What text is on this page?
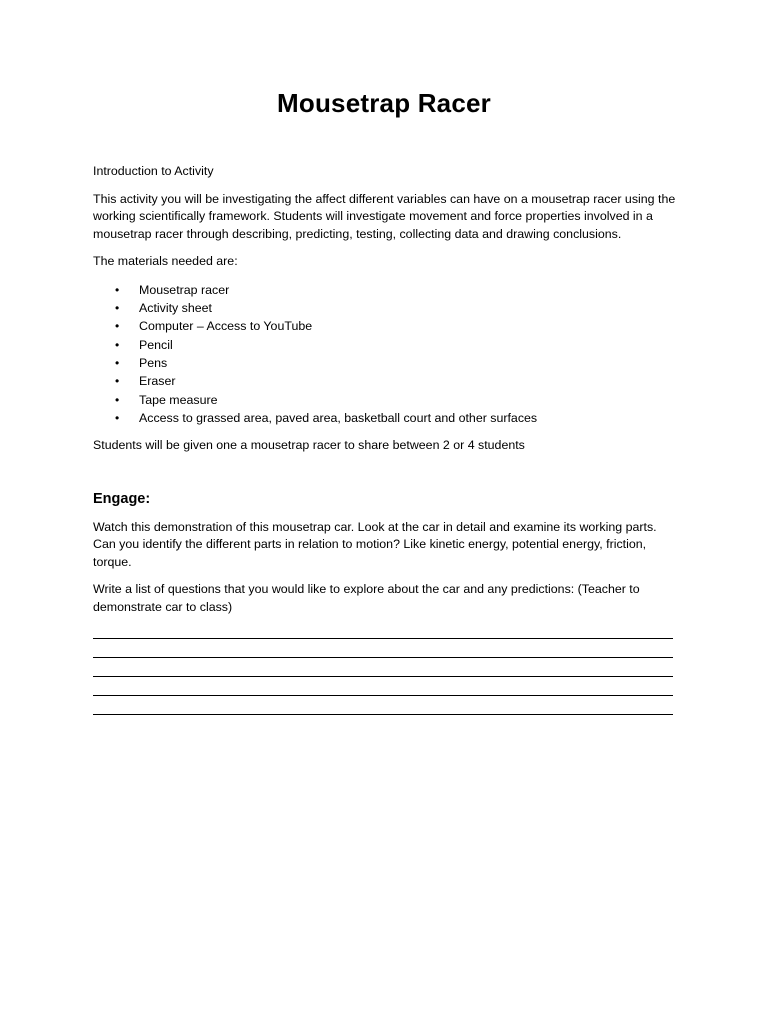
Mousetrap Racer

Introduction to Activity

This activity you will be investigating the affect different variables can have on a mousetrap racer using the working scientifically framework. Students will investigate movement and force properties involved in a mousetrap racer through describing, predicting, testing, collecting data and drawing conclusions.

The materials needed are:

• Mousetrap racer
• Activity sheet
• Computer – Access to YouTube
• Pencil
• Pens
• Eraser
• Tape measure
• Access to grassed area, paved area, basketball court and other surfaces

Students will be given one a mousetrap racer to share between 2 or 4 students

Engage:

Watch this demonstration of this mousetrap car. Look at the car in detail and examine its working parts. Can you identify the different parts in relation to motion? Like kinetic energy, potential energy, friction, torque.

Write a list of questions that you would like to explore about the car and any predictions: (Teacher to demonstrate car to class)
